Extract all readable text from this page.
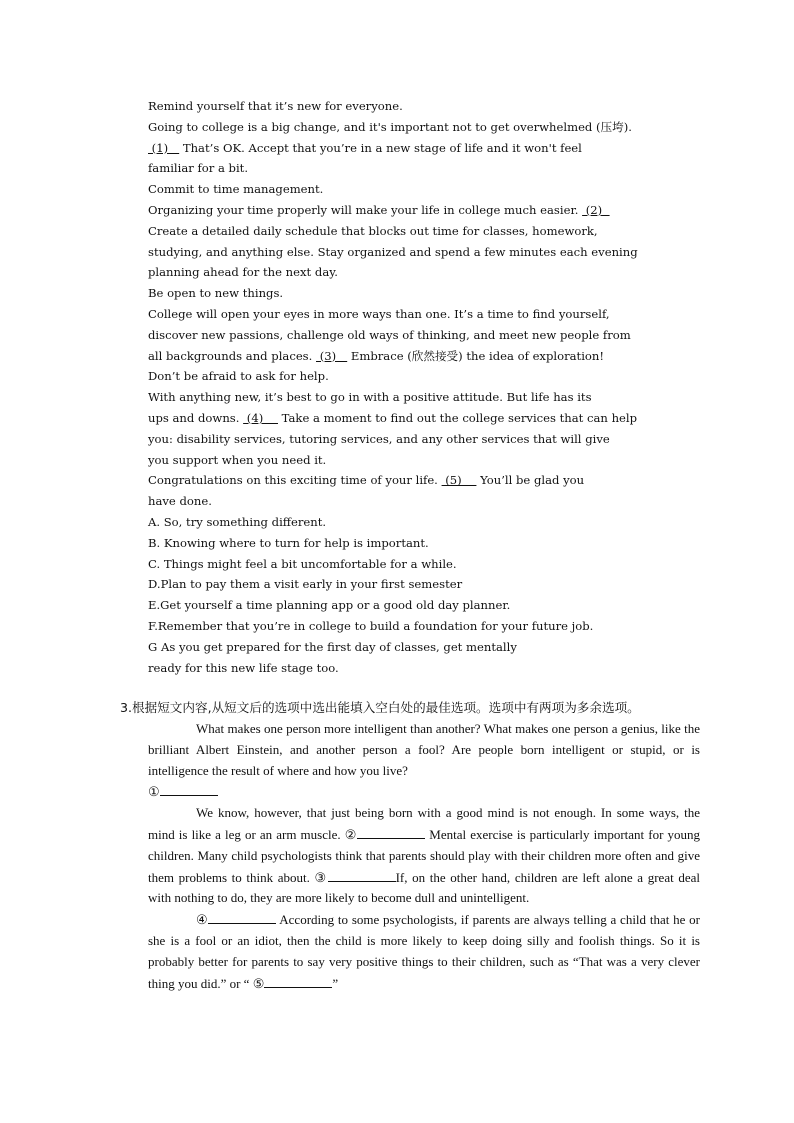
Remind yourself that it’s new for everyone.

Going to college is a big change, and it's important not to get overwhelmed (压垮).

(1)    That’s OK. Accept that you’re in a new stage of life and it won't feel

familiar for a bit.

Commit to time management.

Organizing your time properly will make your life in college much easier.  (2)

Create a detailed daily schedule that blocks out time for classes, homework,

studying, and anything else. Stay organized and spend a few minutes each evening

planning ahead for the next day.

Be open to new things.

College will open your eyes in more ways than one. It’s a time to find yourself,

discover new passions, challenge old ways of thinking, and meet new people from

all backgrounds and places.  (3)    Embrace (欣然接受) the idea of exploration!

Don’t be afraid to ask for help.

With anything new, it’s best to go in with a positive attitude. But life has its

ups and downs.  (4)     Take a moment to find out the college services that can help

you: disability services, tutoring services, and any other services that will give

you support when you need it.

Congratulations on this exciting time of your life.  (5)     You’ll be glad you

have done.

A. So, try something different.

B. Knowing where to turn for help is important.

C. Things might feel a bit uncomfortable for a while.

D.Plan to pay them a visit early in your first semester

E.Get yourself a time planning app or a good old day planner.

F.Remember that you’re in college to build a foundation for your future job.

G As you get prepared for the first day of classes, get mentally

ready for this new life stage too.

3.根据短文内容,从短文后的选项中选出能填入空白处的最佳选项。选项中有两项为多余选项。

What makes one person more intelligent than another? What makes one person a genius, like the brilliant Albert Einstein, and another person a fool? Are people born intelligent or stupid, or is intelligence the result of where and how you live?
①

We know, however, that just being born with a good mind is not enough. In some ways, the mind is like a leg or an arm muscle. ②	Mental exercise is particularly important for young children. Many child psychologists think that parents should play with their children more often and give them problems to think about. ③	If, on the other hand, children are left alone a great deal with nothing to do, they are more likely to become dull and unintelligent.

④	According to some psychologists, if parents are always telling a child that he or she is a fool or an idiot, then the child is more likely to keep doing silly and foolish things. So it is probably better for parents to say very positive things to their children, such as “That was a very clever thing you did.” or “ ⑤	”
